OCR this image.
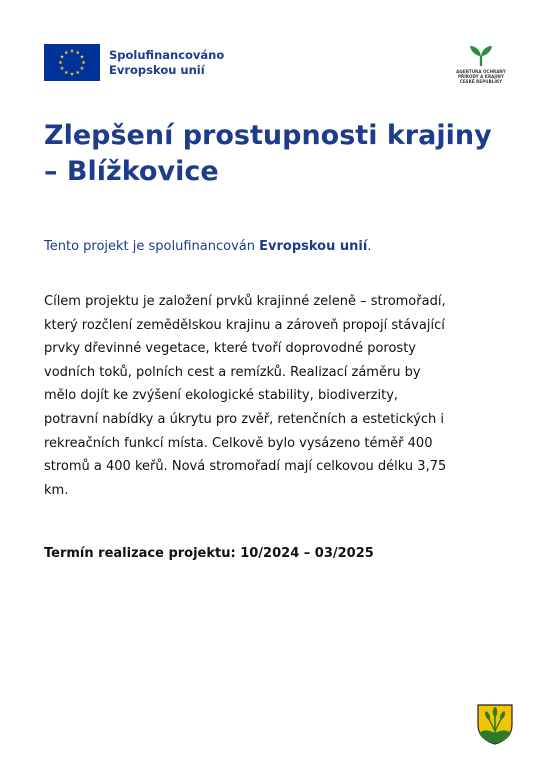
Spolufinancováno
Evropskou unií	AGENTURA OCHRANY
PŘÍRODY A KRAJINY
ČESKÉ REPUBLIKY
Zlepšení prostupnosti krajiny
– Blížkovice

Tento projekt je spolufinancován Evropskou unií.

Cílem projektu je založení prvků krajinné zeleně – stromořadí,
který rozčlení zemědělskou krajinu a zároveň propojí stávající
prvky dřevinné vegetace, které tvoří doprovodné porosty
vodních toků, polních cest a remízků. Realizací záměru by
mělo dojít ke zvýšení ekologické stability, biodiverzity,
potravní nabídky a úkrytu pro zvěř, retenčních a estetických i
rekreačních funkcí místa. Celkově bylo vysázeno téměř 400
stromů a 400 keřů. Nová stromořadí mají celkovou délku 3,75
km.

Termín realizace projektu: 10/2024 – 03/2025
